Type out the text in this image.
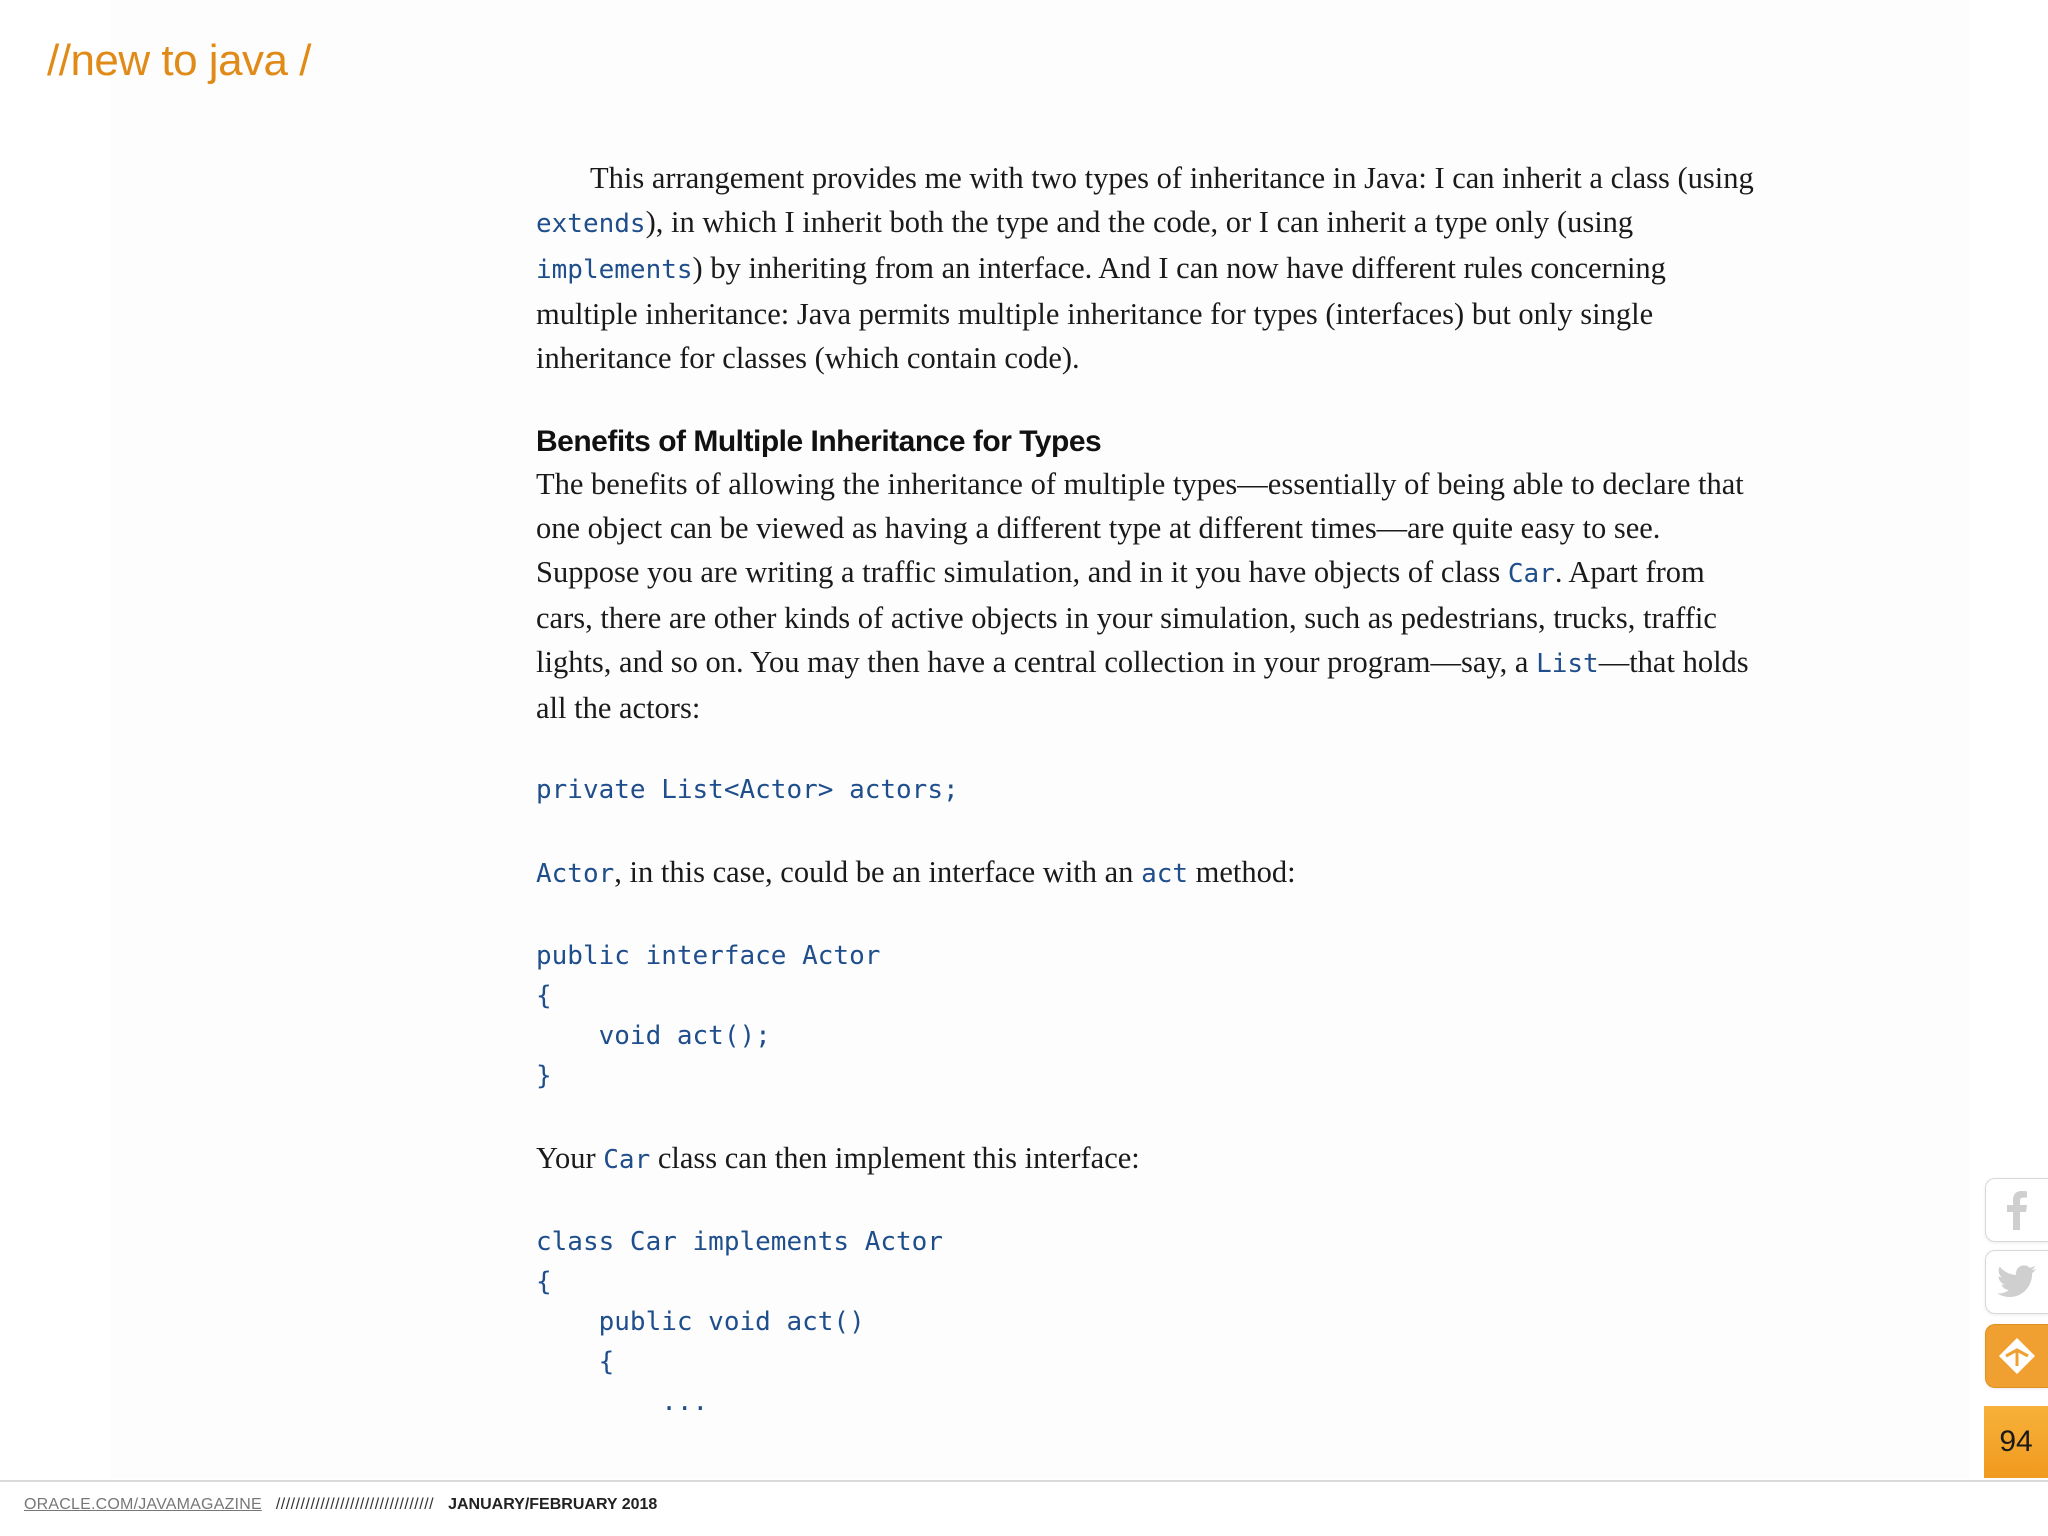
//new to java /

This arrangement provides me with two types of inheritance in Java: I can inherit a class (using extends), in which I inherit both the type and the code, or I can inherit a type only (using implements) by inheriting from an interface. And I can now have different rules concerning multiple inheritance: Java permits multiple inheritance for types (interfaces) but only single inheritance for classes (which contain code).

Benefits of Multiple Inheritance for Types

The benefits of allowing the inheritance of multiple types—essentially of being able to declare that one object can be viewed as having a different type at different times—are quite easy to see. Suppose you are writing a traffic simulation, and in it you have objects of class Car. Apart from cars, there are other kinds of active objects in your simulation, such as pedestrians, trucks, traffic lights, and so on. You may then have a central collection in your program—say, a List—that holds all the actors:

private List<Actor> actors;

Actor, in this case, could be an interface with an act method:

public interface Actor
{
void act();
}

Your Car class can then implement this interface:

class Car implements Actor
{
public void act()
{
...
94
ORACLE.COM/JAVAMAGAZINE //////////////////////////////// JANUARY/FEBRUARY 2018
